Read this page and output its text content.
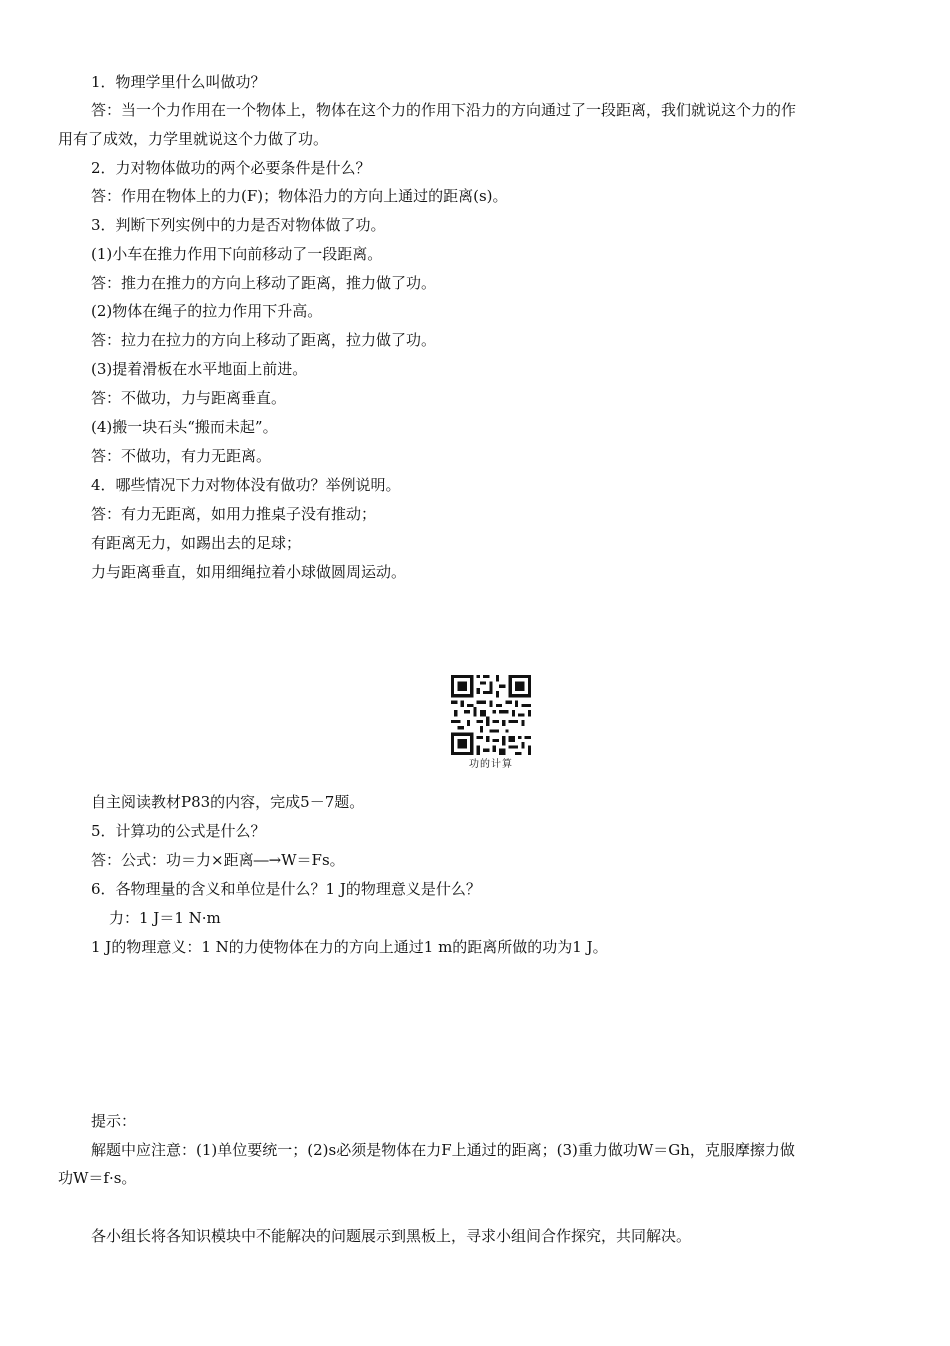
1．物理学里什么叫做功？
答：当一个力作用在一个物体上，物体在这个力的作用下沿力的方向通过了一段距离，我们就说这个力的作
用有了成效，力学里就说这个力做了功。
2．力对物体做功的两个必要条件是什么？
答：作用在物体上的力(F)；物体沿力的方向上通过的距离(s)。
3．判断下列实例中的力是否对物体做了功。
(1)小车在推力作用下向前移动了一段距离。
答：推力在推力的方向上移动了距离，推力做了功。
(2)物体在绳子的拉力作用下升高。
答：拉力在拉力的方向上移动了距离，拉力做了功。
(3)提着滑板在水平地面上前进。
答：不做功，力与距离垂直。
(4)搬一块石头“搬而未起”。
答：不做功，有力无距离。
4．哪些情况下力对物体没有做功？举例说明。
答：有力无距离，如用力推桌子没有推动；
有距离无力，如踢出去的足球；
力与距离垂直，如用细绳拉着小球做圆周运动。
功的计算
自主阅读教材P83的内容，完成5－7题。
5．计算功的公式是什么？
答：公式：功＝力×距离―→W＝Fs。
6．各物理量的含义和单位是什么？1 J的物理意义是什么？
力：1 J＝1 N·m
1 J的物理意义：1 N的力使物体在力的方向上通过1 m的距离所做的功为1 J。
提示：
解题中应注意：(1)单位要统一；(2)s必须是物体在力F上通过的距离；(3)重力做功W＝Gh，克服摩擦力做
功W＝f·s。
各小组长将各知识模块中不能解决的问题展示到黑板上，寻求小组间合作探究，共同解决。
